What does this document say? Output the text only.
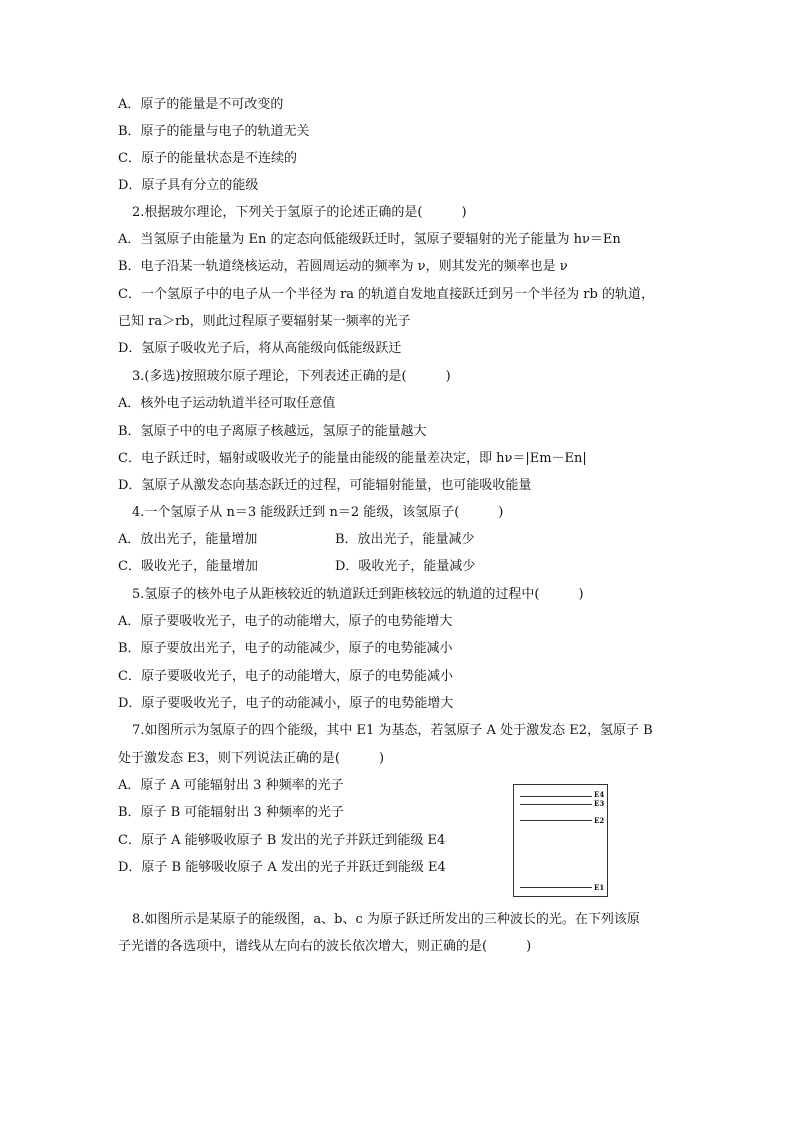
A．原子的能量是不可改变的
B．原子的能量与电子的轨道无关
C．原子的能量状态是不连续的
D．原子具有分立的能级
2.根据玻尔理论，下列关于氢原子的论述正确的是(　　　)
A．当氢原子由能量为 En 的定态向低能级跃迁时，氢原子要辐射的光子能量为 hν＝En
B．电子沿某一轨道绕核运动，若圆周运动的频率为 ν，则其发光的频率也是 ν
C．一个氢原子中的电子从一个半径为 ra 的轨道自发地直接跃迁到另一个半径为 rb 的轨道，
已知 ra＞rb，则此过程原子要辐射某一频率的光子
D．氢原子吸收光子后，将从高能级向低能级跃迁
3.(多选)按照玻尔原子理论，下列表述正确的是(　　　)
A．核外电子运动轨道半径可取任意值
B．氢原子中的电子离原子核越远，氢原子的能量越大
C．电子跃迁时，辐射或吸收光子的能量由能级的能量差决定，即 hν＝|Em－En|
D．氢原子从激发态向基态跃迁的过程，可能辐射能量，也可能吸收能量
4.一个氢原子从 n＝3 能级跃迁到 n＝2 能级，该氢原子(　　　)
A．放出光子，能量增加	B．放出光子，能量减少
C．吸收光子，能量增加	D．吸收光子，能量减少
5.氢原子的核外电子从距核较近的轨道跃迁到距核较远的轨道的过程中(　　　)
A．原子要吸收光子，电子的动能增大，原子的电势能增大
B．原子要放出光子，电子的动能减少，原子的电势能减小
C．原子要吸收光子，电子的动能增大，原子的电势能减小
D．原子要吸收光子，电子的动能减小，原子的电势能增大
7.如图所示为氢原子的四个能级，其中 E1 为基态，若氢原子 A 处于激发态 E2，氢原子 B
处于激发态 E3，则下列说法正确的是(　　　)
A．原子 A 可能辐射出 3 种频率的光子
B．原子 B 可能辐射出 3 种频率的光子
C．原子 A 能够吸收原子 B 发出的光子并跃迁到能级 E4
D．原子 B 能够吸收原子 A 发出的光子并跃迁到能级 E4
E4
E3
E2
E1
8.如图所示是某原子的能级图，a、b、c 为原子跃迁所发出的三种波长的光。在下列该原
子光谱的各选项中，谱线从左向右的波长依次增大，则正确的是(　　　)
